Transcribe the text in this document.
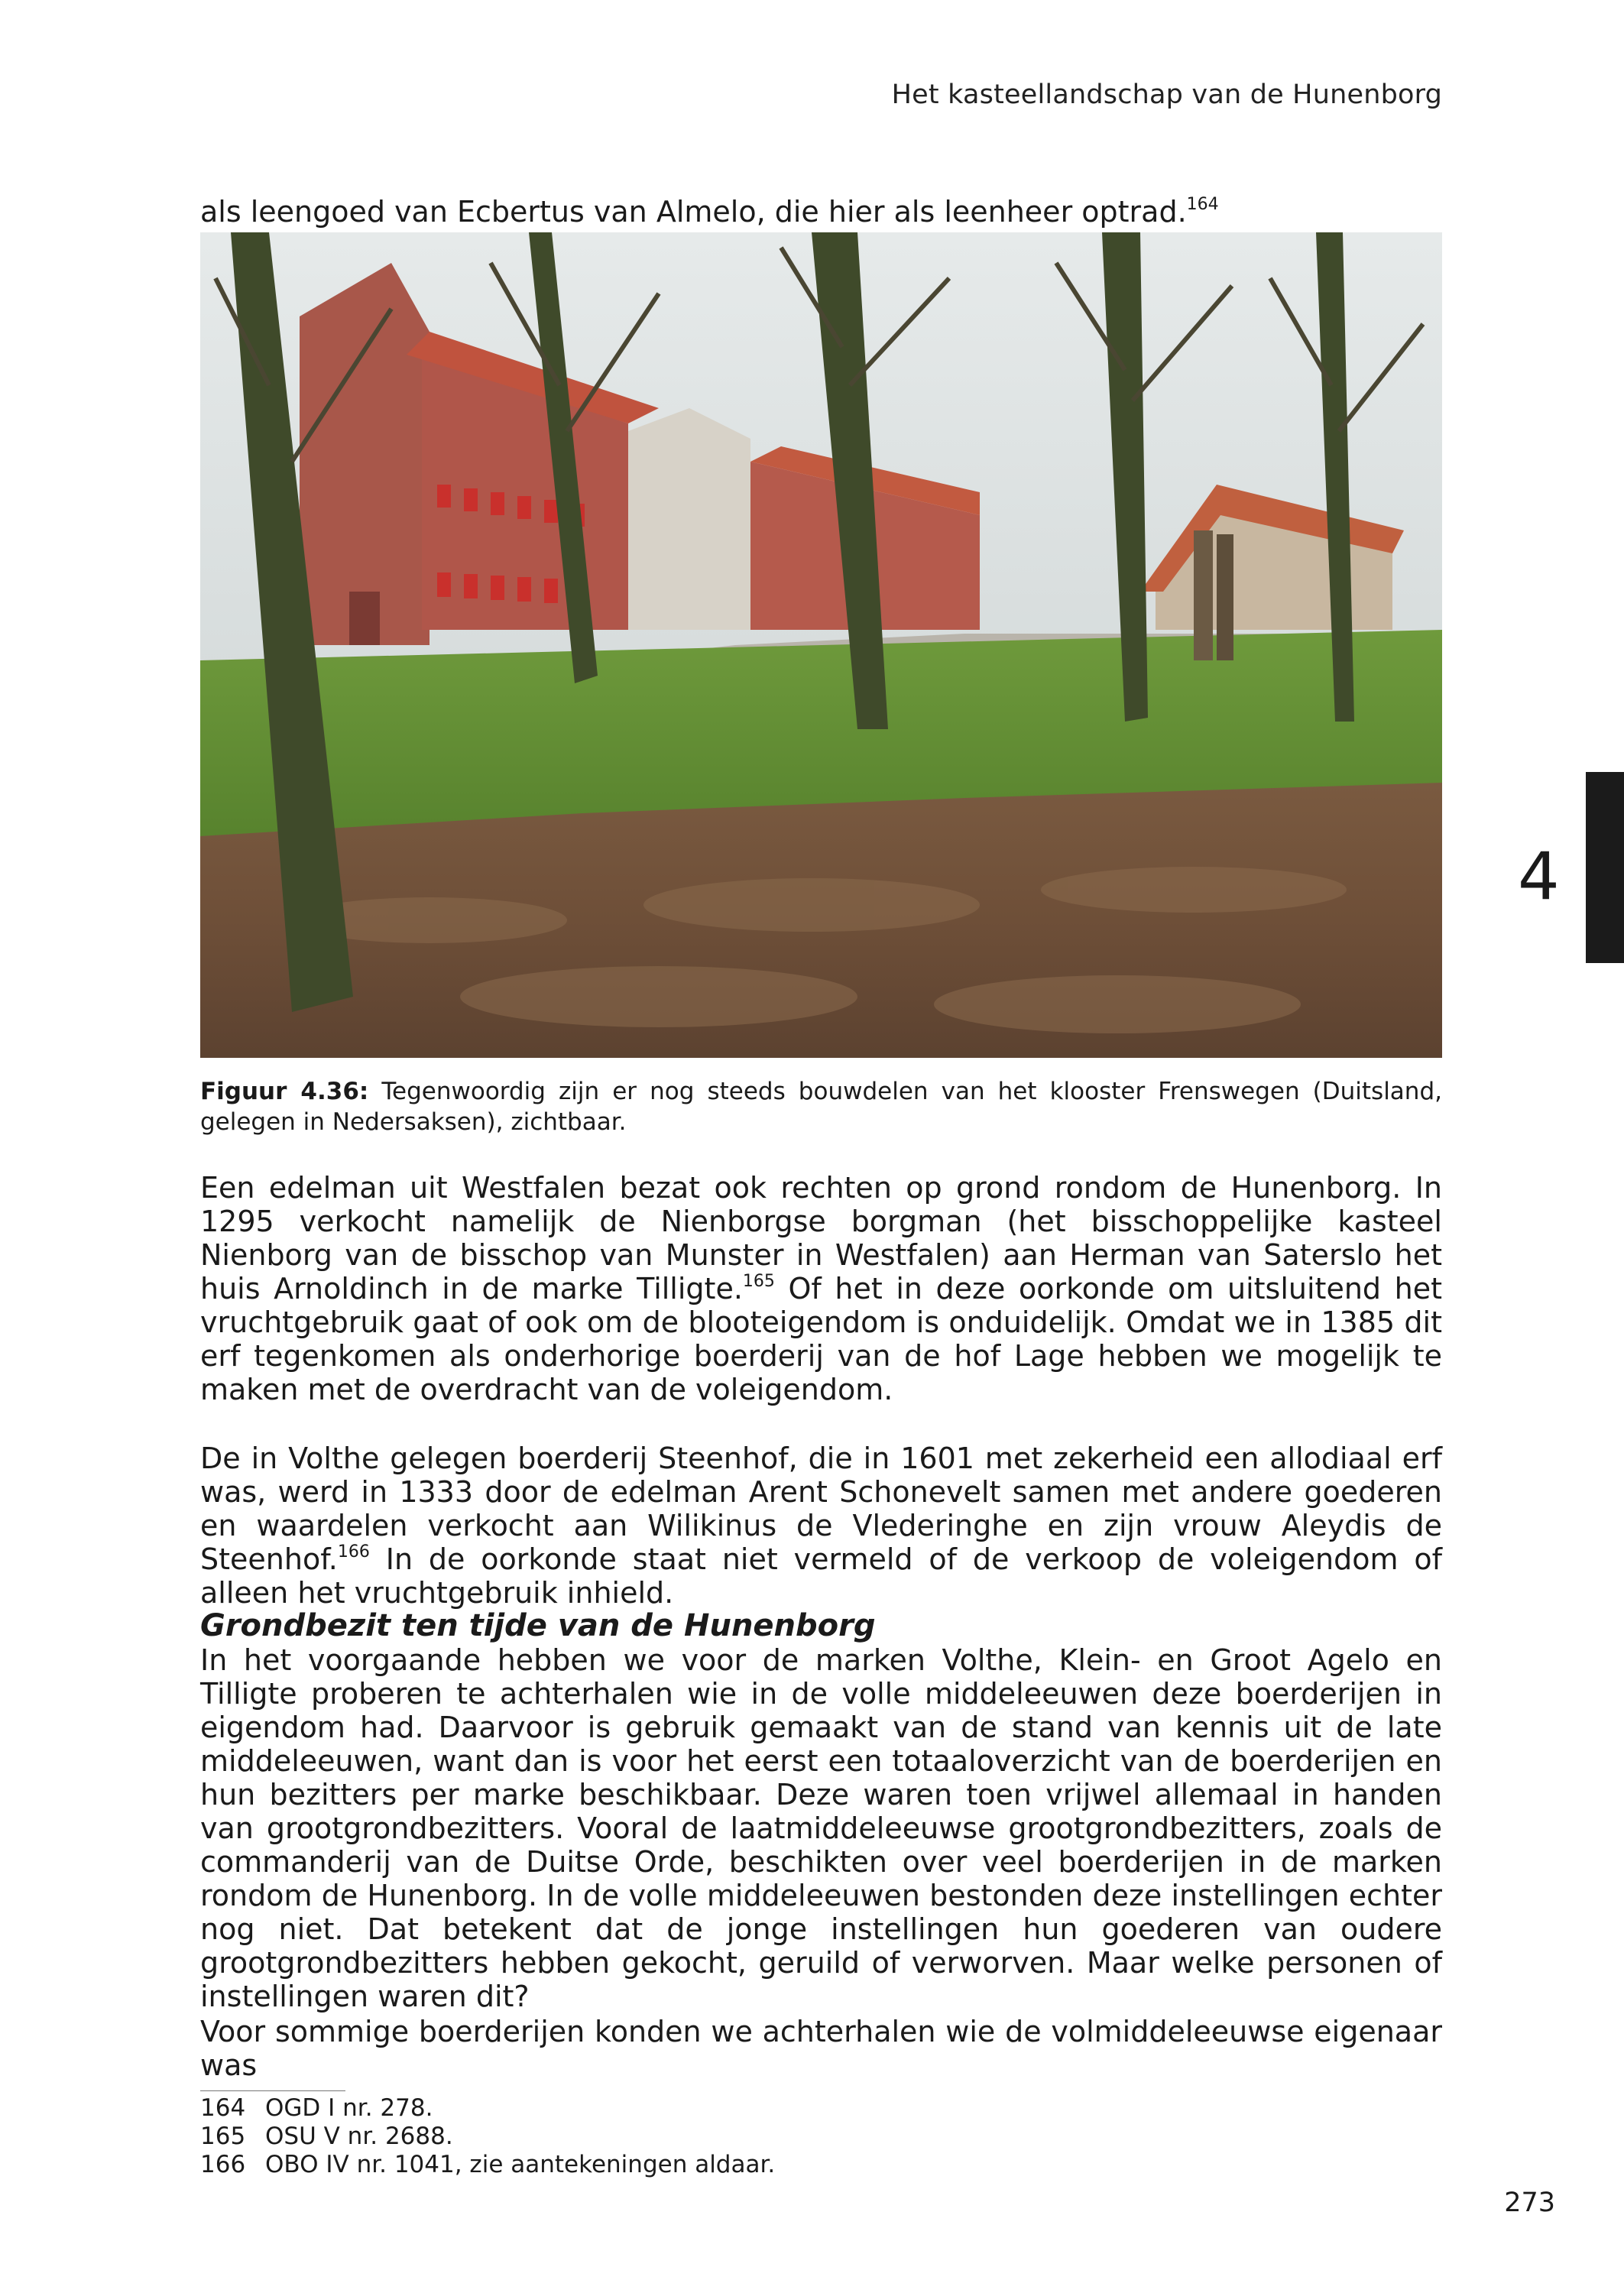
Het kasteellandschap van de Hunenborg
als leengoed van Ecbertus van Almelo, die hier als leenheer optrad.$^{164}$
Figuur 4.36: Tegenwoordig zijn er nog steeds bouwdelen van het klooster Frenswegen (Duitsland, gelegen in Nedersaksen), zichtbaar.
Een edelman uit Westfalen bezat ook rechten op grond rondom de Hunenborg. In 1295 verkocht namelijk de Nienborgse borgman (het bisschoppelijke kasteel Nienborg van de bisschop van Munster in Westfalen) aan Herman van Saterslo het huis Arnoldinch in de marke Tilligte.$^{165}$ Of het in deze oorkonde om uitsluitend het vruchtgebruik gaat of ook om de blooteigendom is onduidelijk. Omdat we in 1385 dit erf tegenkomen als onderhorige boerderij van de hof Lage hebben we mogelijk te maken met de overdracht van de voleigendom.
De in Volthe gelegen boerderij Steenhof, die in 1601 met zekerheid een allodiaal erf was, werd in 1333 door de edelman Arent Schonevelt samen met andere goederen en waardelen verkocht aan Wilikinus de Vlederinghe en zijn vrouw Aleydis de Steenhof.$^{166}$ In de oorkonde staat niet vermeld of de verkoop de voleigendom of alleen het vruchtgebruik inhield.
Grondbezit ten tijde van de Hunenborg
In het voorgaande hebben we voor de marken Volthe, Klein- en Groot Agelo en Tilligte proberen te achterhalen wie in de volle middeleeuwen deze boerderijen in eigendom had. Daarvoor is gebruik gemaakt van de stand van kennis uit de late middeleeuwen, want dan is voor het eerst een totaaloverzicht van de boerderijen en hun bezitters per marke beschikbaar. Deze waren toen vrijwel allemaal in handen van grootgrondbezitters. Vooral de laatmiddeleeuwse grootgrondbezitters, zoals de commanderij van de Duitse Orde, beschikten over veel boerderijen in de marken rondom de Hunenborg. In de volle middeleeuwen bestonden deze instellingen echter nog niet. Dat betekent dat de jonge instellingen hun goederen van oudere grootgrondbezitters hebben gekocht, geruild of verworven. Maar welke personen of instellingen waren dit?
Voor sommige boerderijen konden we achterhalen wie de volmiddeleeuwse eigenaar was
164 OGD I nr. 278.
165 OSU V nr. 2688.
166 OBO IV nr. 1041, zie aantekeningen aldaar.
4
273
